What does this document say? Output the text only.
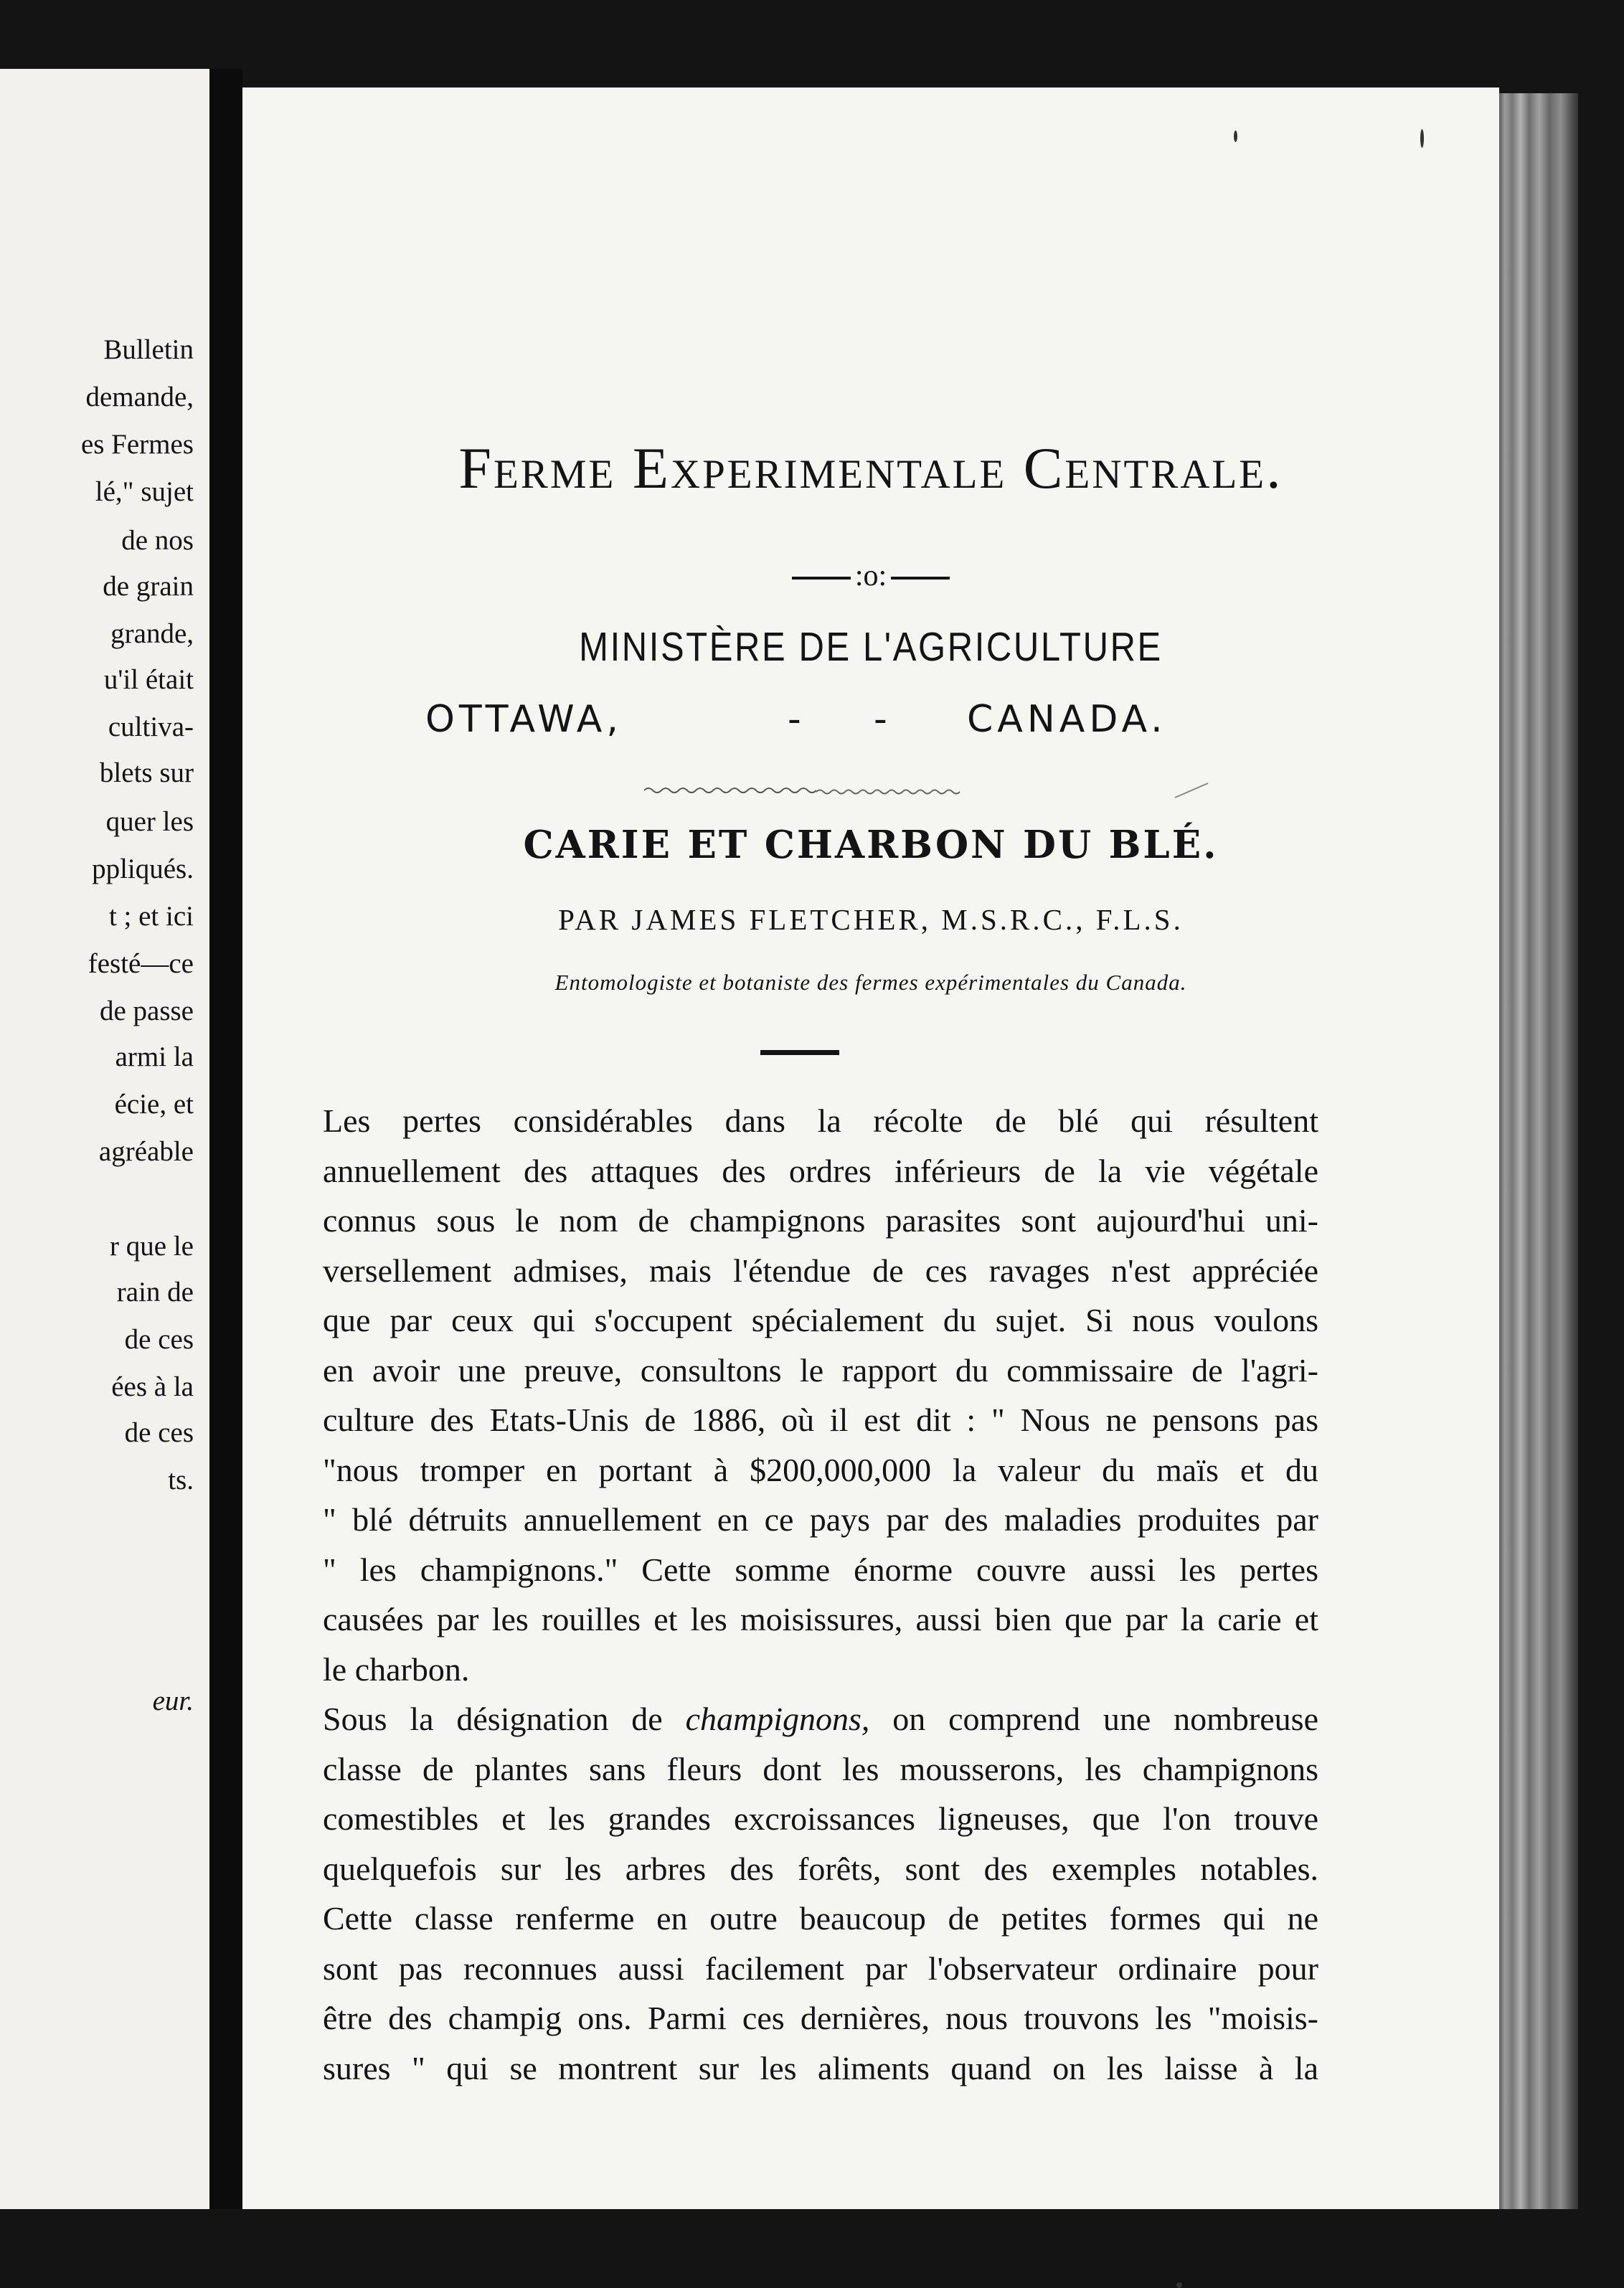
Bulletin
demande,
es Fermes
lé," sujet
de nos
de grain
grande,
u'il était
cultiva-
blets sur
quer les
ppliqués.
t ; et ici
festé—ce
de passe
armi la
écie, et
agréable
r que le
rain de
de ces
ées à la
de ces
ts.
eur.
Ferme Experimentale Centrale.
:o:
MINISTÈRE DE L'AGRICULTURE
OTTAWA,	- - CANADA.
CARIE ET CHARBON DU BLÉ.
PAR JAMES FLETCHER, M.S.R.C., F.L.S.
Entomologiste et botaniste des fermes expérimentales du Canada.

Les pertes considérables dans la récolte de blé qui résultent
annuellement des attaques des ordres inférieurs de la vie végétale
connus sous le nom de champignons parasites sont aujourd'hui uni-
versellement admises, mais l'étendue de ces ravages n'est appréciée
que par ceux qui s'occupent spécialement du sujet. Si nous voulons
en avoir une preuve, consultons le rapport du commissaire de l'agri-
culture des Etats-Unis de 1886, où il est dit : " Nous ne pensons pas
"nous tromper en portant à $200,000,000 la valeur du maïs et du
" blé détruits annuellement en ce pays par des maladies produites par
" les champignons." Cette somme énorme couvre aussi les pertes
causées par les rouilles et les moisissures, aussi bien que par la carie et
le charbon.

Sous la désignation de champignons, on comprend une nombreuse
classe de plantes sans fleurs dont les mousserons, les champignons
comestibles et les grandes excroissances ligneuses, que l'on trouve
quelquefois sur les arbres des forêts, sont des exemples notables.
Cette classe renferme en outre beaucoup de petites formes qui ne
sont pas reconnues aussi facilement par l'observateur ordinaire pour
être des champig ons. Parmi ces dernières, nous trouvons les "moisis-
sures " qui se montrent sur les aliments quand on les laisse à la
